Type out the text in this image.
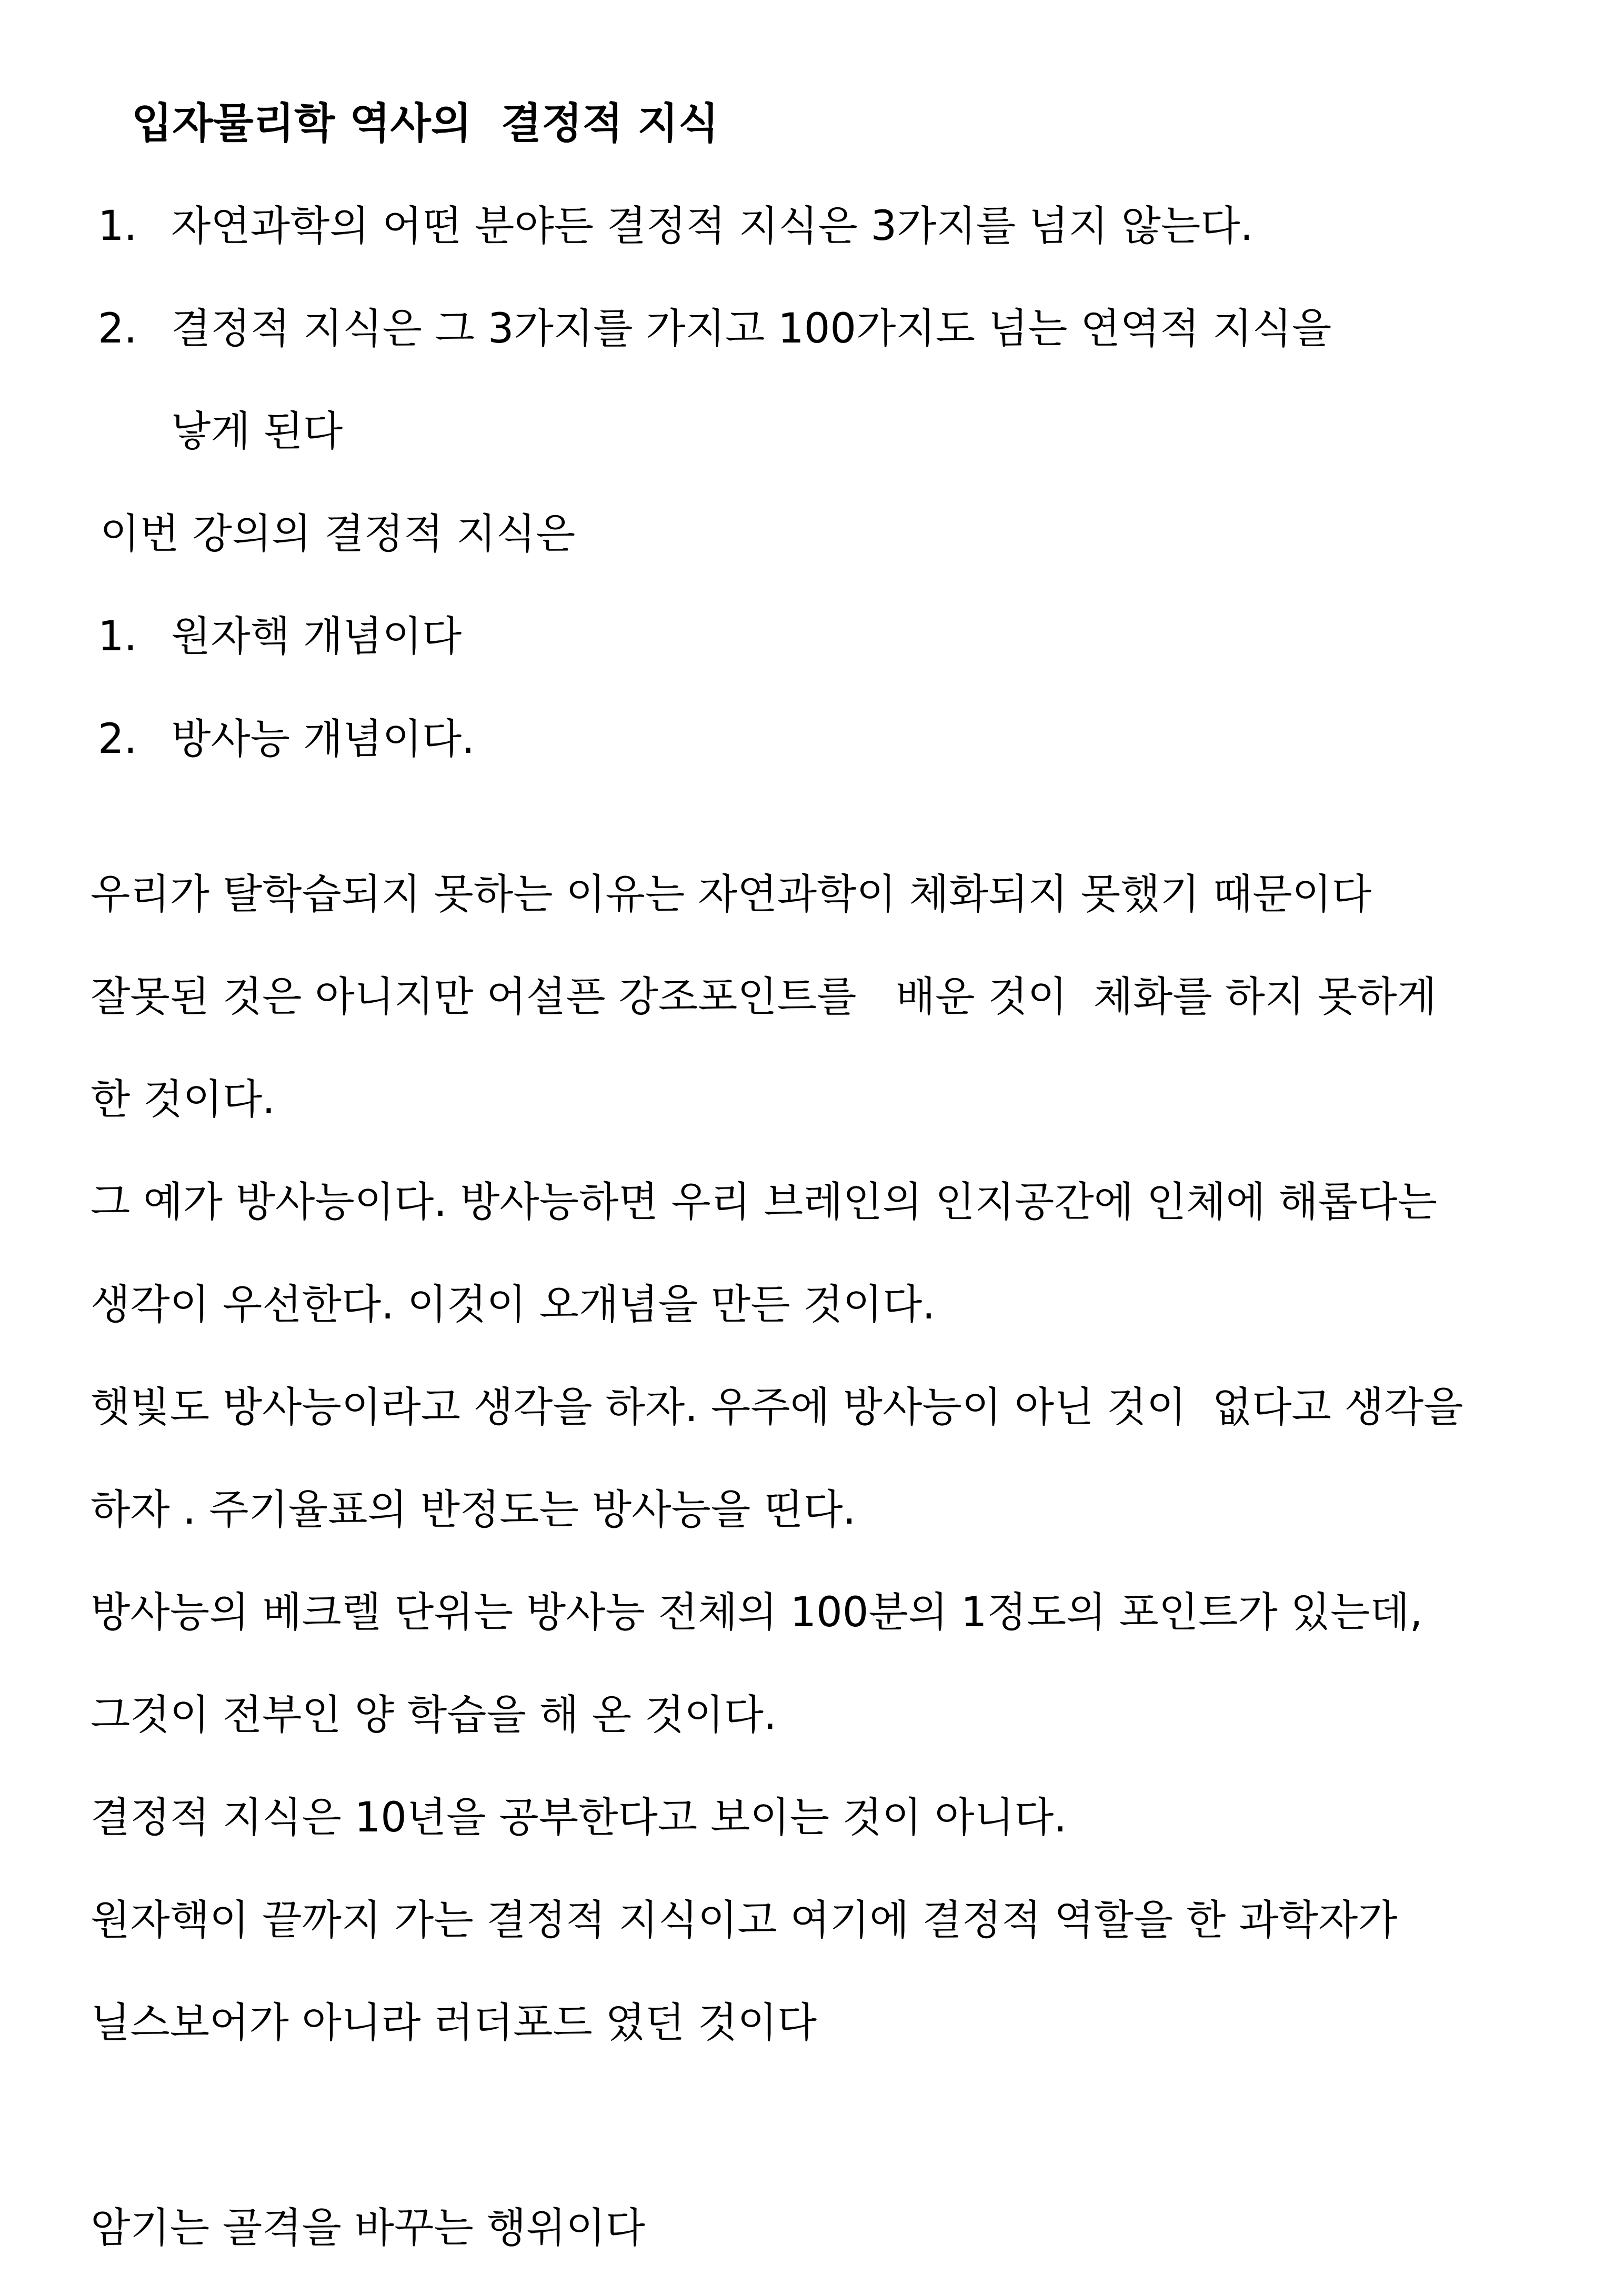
입자물리학 역사의  결정적 지식
1. 자연과학의 어떤 분야든 결정적 지식은 3가지를 넘지 않는다.
2. 결정적 지식은 그 3가지를 가지고 100가지도 넘는 연역적 지식을
낳게 된다
이번 강의의 결정적 지식은
1. 원자핵 개념이다
2. 방사능 개념이다.
우리가 탈학습되지 못하는 이유는 자연과학이 체화되지 못했기 때문이다
잘못된 것은 아니지만 어설픈 강조포인트를   배운 것이  체화를 하지 못하게
한 것이다.
그 예가 방사능이다. 방사능하면 우리 브레인의 인지공간에 인체에 해롭다는
생각이 우선한다. 이것이 오개념을 만든 것이다.
햇빛도 방사능이라고 생각을 하자. 우주에 방사능이 아닌 것이  없다고 생각을
하자 . 주기율표의 반정도는 방사능을 띤다.
방사능의 베크렐 단위는 방사능 전체의 100분의 1정도의 포인트가 있는데,
그것이 전부인 양 학습을 해 온 것이다.
결정적 지식은 10년을 공부한다고 보이는 것이 아니다.
원자핵이 끝까지 가는 결정적 지식이고 여기에 결정적 역할을 한 과학자가
닐스보어가 아니라 러더포드 였던 것이다
암기는 골격을 바꾸는 행위이다
